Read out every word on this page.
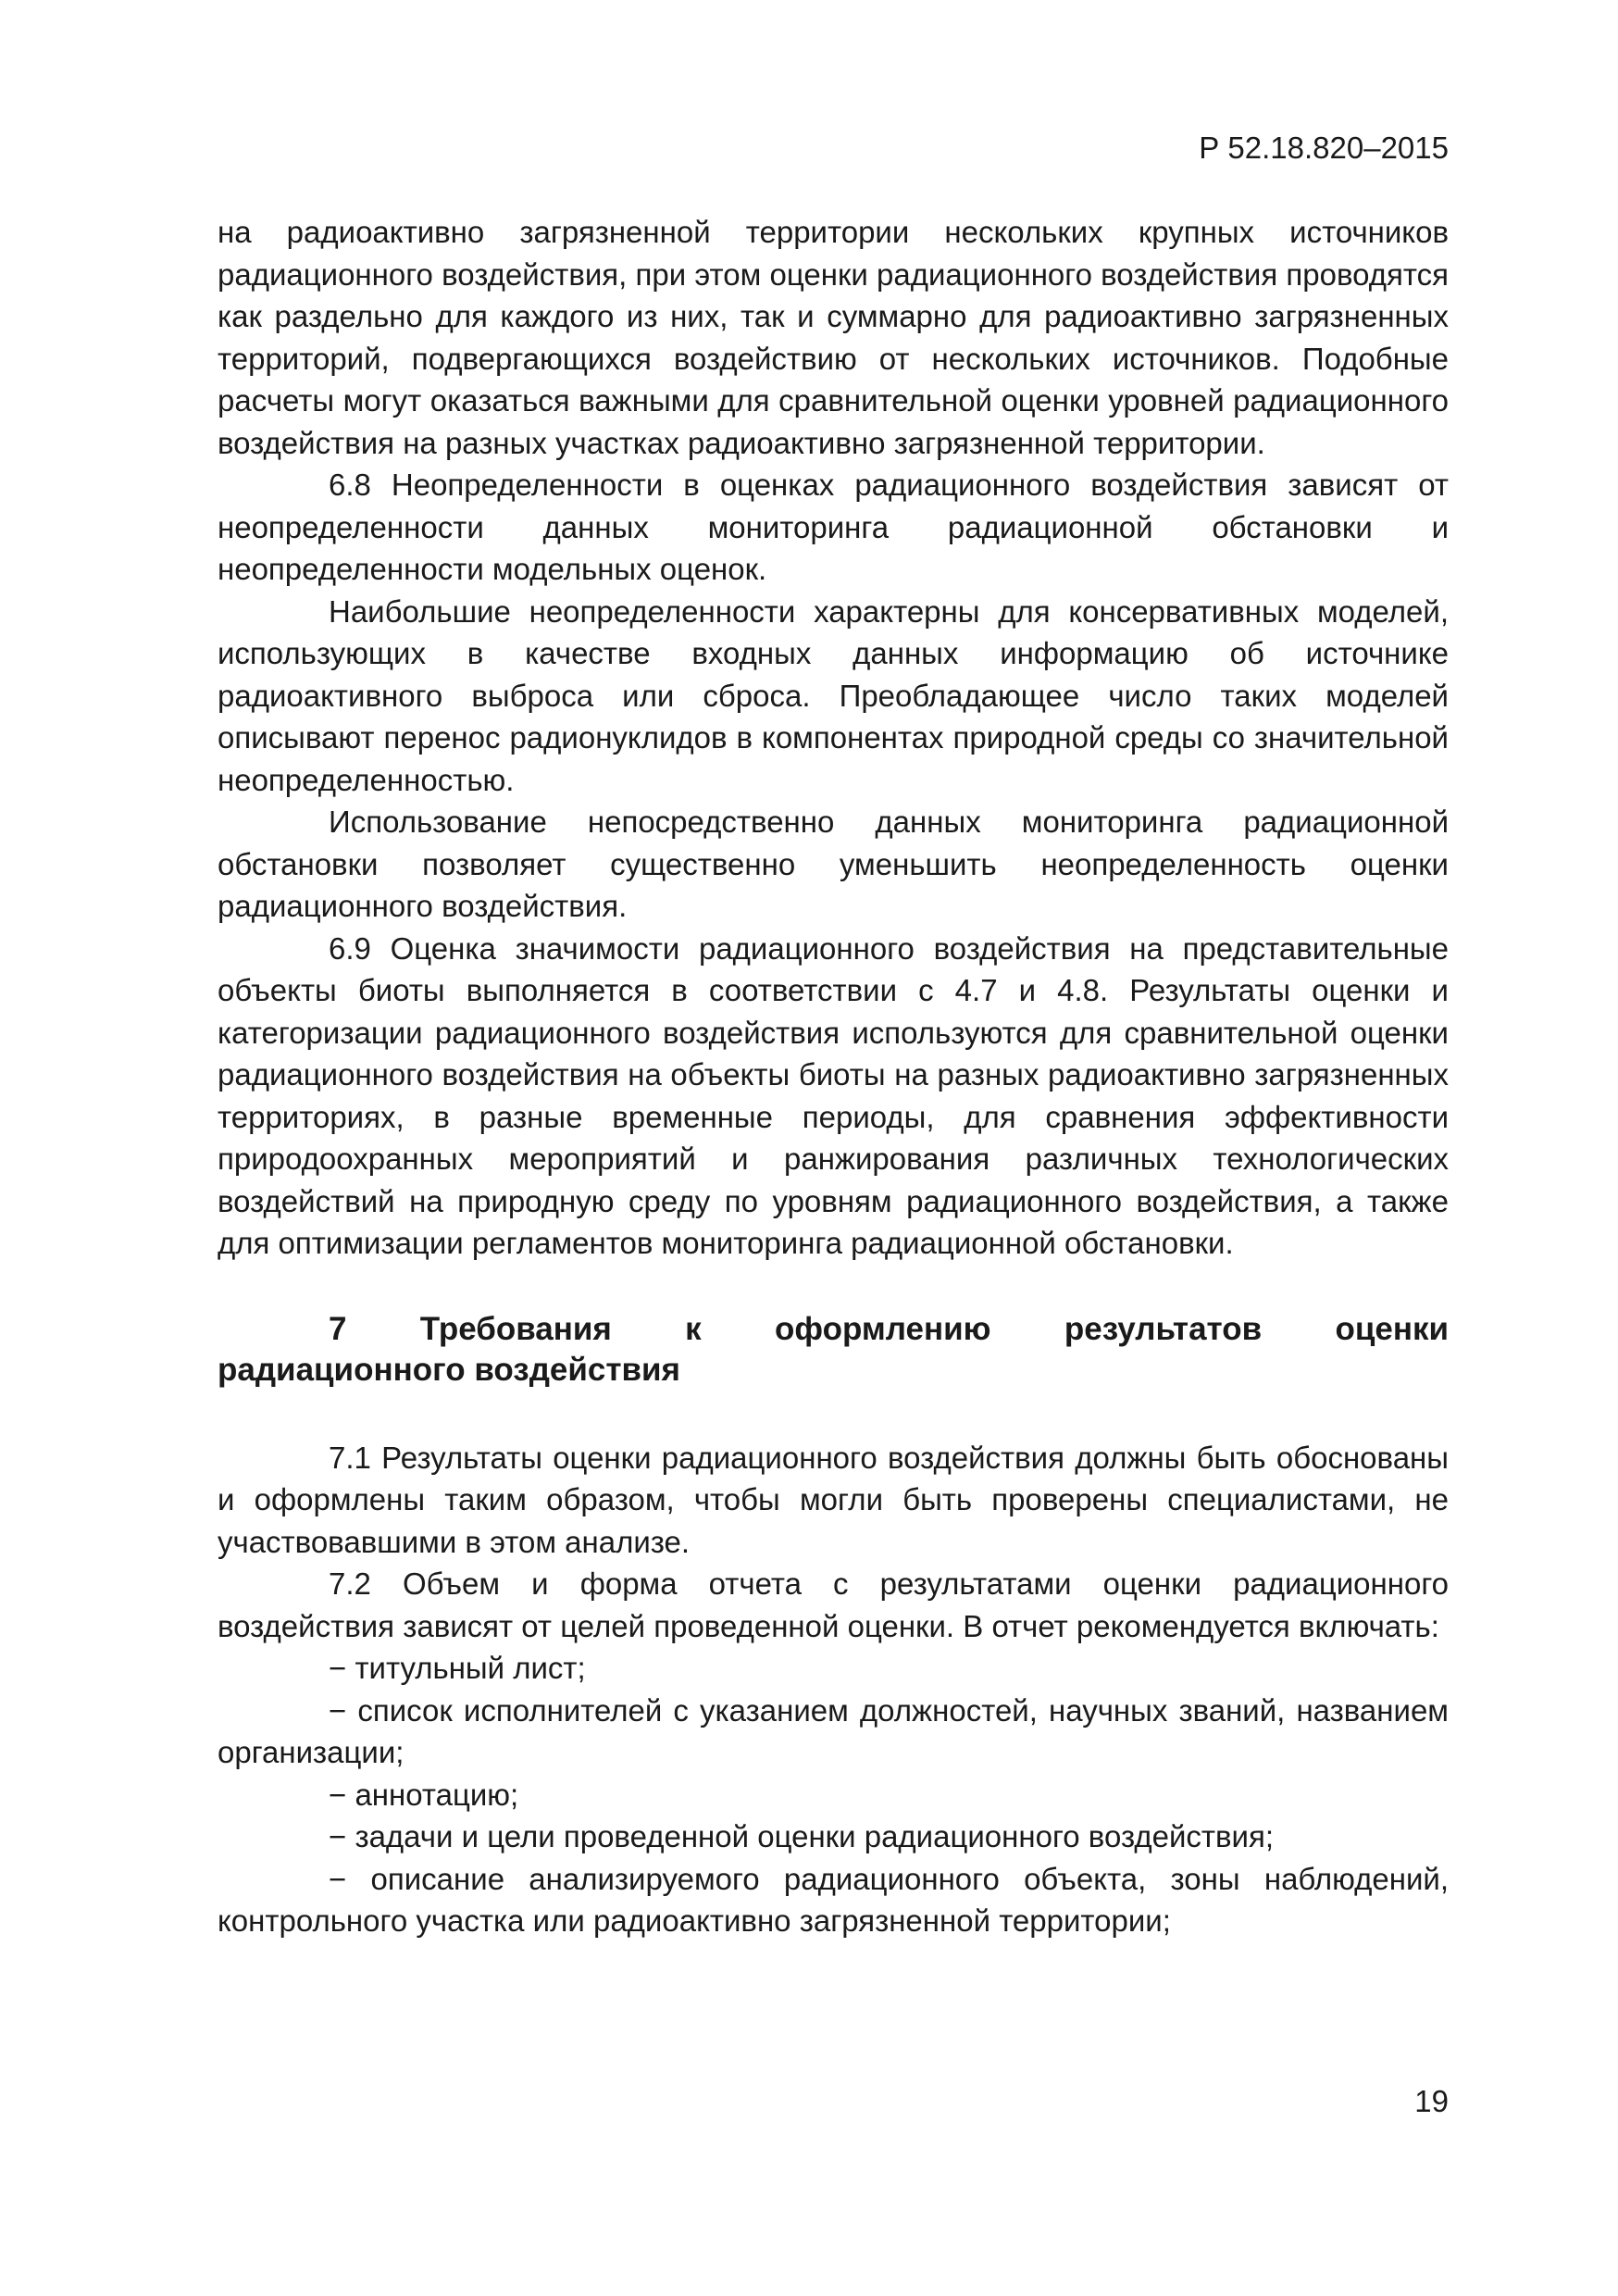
Р 52.18.820–2015

на радиоактивно загрязненной территории нескольких крупных источников радиационного воздействия, при этом оценки радиационного воздействия проводятся как раздельно для каждого из них, так и суммарно для радиоактивно загрязненных территорий, подвергающихся воздействию от нескольких источников. Подобные расчеты могут оказаться важными для сравнительной оценки уровней радиационного воздействия на разных участках радиоактивно загрязненной территории.

6.8 Неопределенности в оценках радиационного воздействия зависят от неопределенности данных мониторинга радиационной обстановки и неопределенности модельных оценок.

Наибольшие неопределенности характерны для консервативных моделей, использующих в качестве входных данных информацию об источнике радиоактивного выброса или сброса. Преобладающее число таких моделей описывают перенос радионуклидов в компонентах природной среды со значительной неопределенностью.

Использование непосредственно данных мониторинга радиационной обстановки позволяет существенно уменьшить неопределенность оценки радиационного воздействия.

6.9 Оценка значимости радиационного воздействия на представительные объекты биоты выполняется в соответствии с 4.7 и 4.8. Результаты оценки и категоризации радиационного воздействия используются для сравнительной оценки радиационного воздействия на объекты биоты на разных радиоактивно загрязненных территориях, в разные временные периоды, для сравнения эффективности природоохранных мероприятий и ранжирования различных технологических воздействий на природную среду по уровням радиационного воздействия, а также для оптимизации регламентов мониторинга радиационной обстановки.

7 Требования к оформлению результатов оценки
радиационного воздействия

7.1 Результаты оценки радиационного воздействия должны быть обоснованы и оформлены таким образом, чтобы могли быть проверены специалистами, не участвовавшими в этом анализе.

7.2 Объем и форма отчета с результатами оценки радиационного воздействия зависят от целей проведенной оценки. В отчет рекомендуется включать:

− титульный лист;

− список исполнителей с указанием должностей, научных званий, названием организации;

− аннотацию;

− задачи и цели проведенной оценки радиационного воздействия;

− описание анализируемого радиационного объекта, зоны наблюдений, контрольного участка или радиоактивно загрязненной территории;

19
